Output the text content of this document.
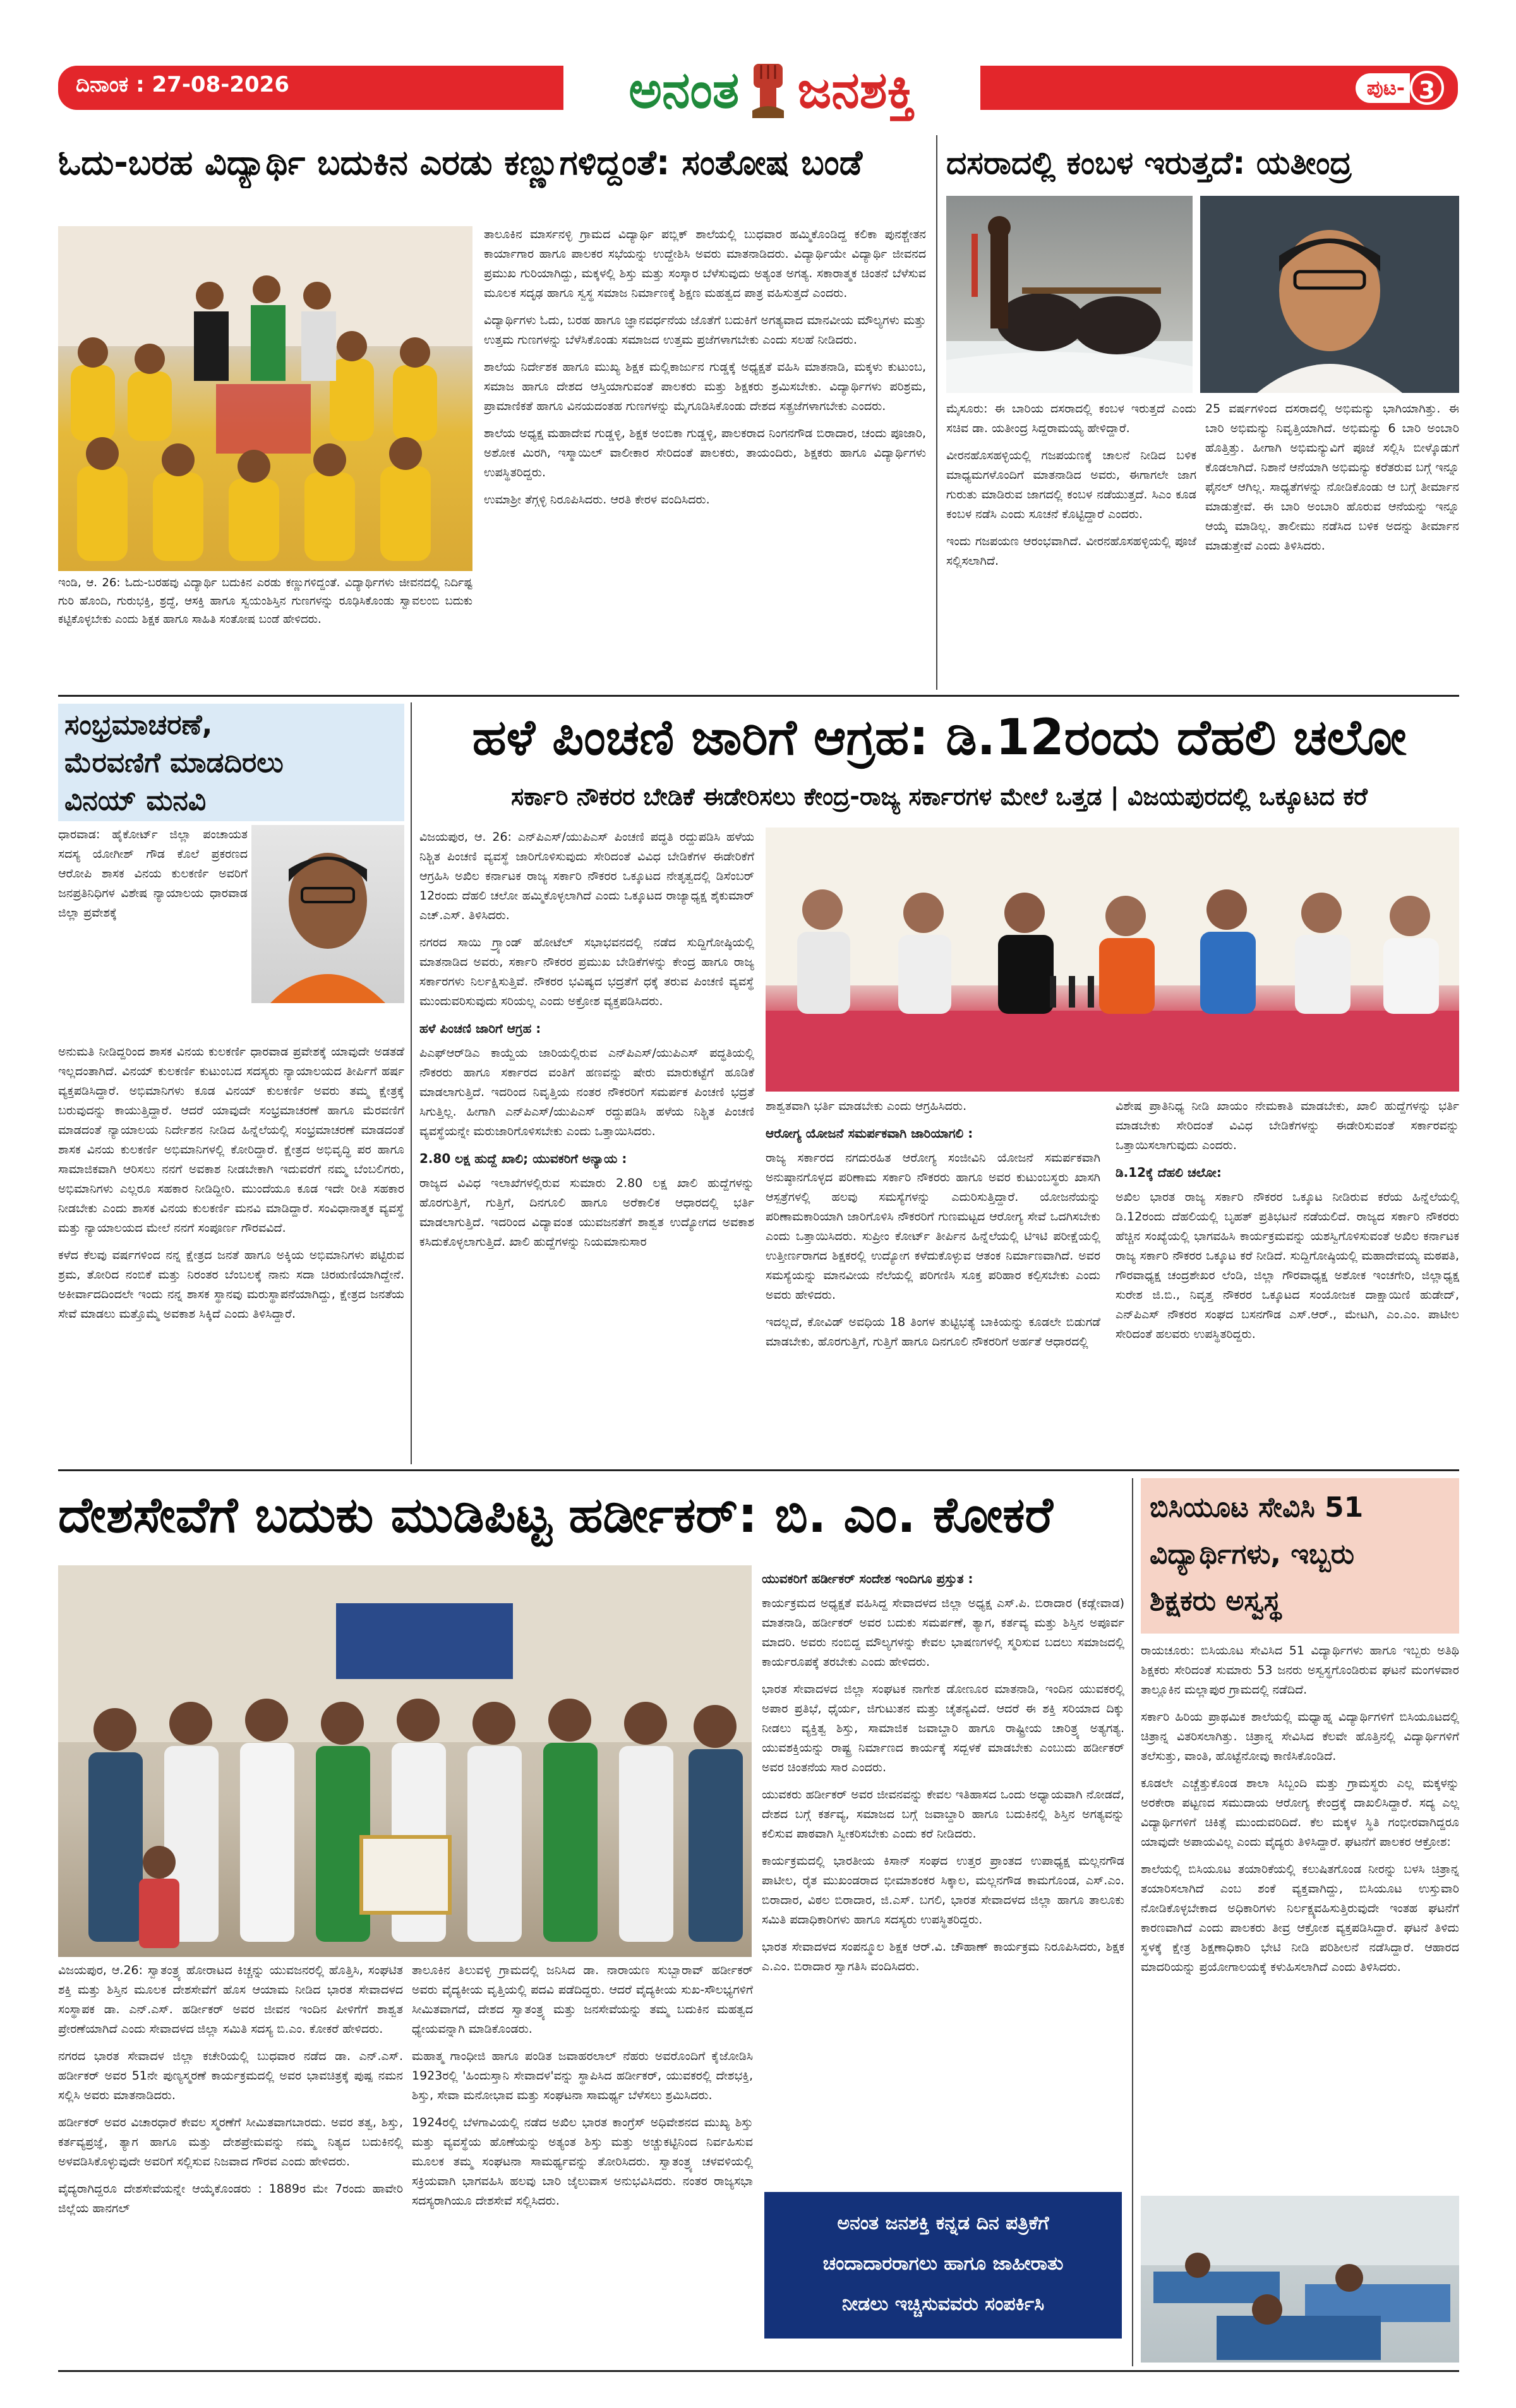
ದಿನಾಂಕ : 27-08-2026	ಅನಂತ ಜನಶಕ್ತಿ	ಪುಟ- 3
ಓದು-ಬರಹ ವಿದ್ಯಾರ್ಥಿ ಬದುಕಿನ ಎರಡು ಕಣ್ಣುಗಳಿದ್ದಂತೆ: ಸಂತೋಷ ಬಂಡೆ
ಇಂಡಿ, ಆ. 26: ಓದು-ಬರಹವು ವಿದ್ಯಾರ್ಥಿ ಬದುಕಿನ ಎರಡು ಕಣ್ಣುಗಳಿದ್ದಂತೆ. ವಿದ್ಯಾರ್ಥಿಗಳು ಜೀವನದಲ್ಲಿ ನಿರ್ದಿಷ್ಟ ಗುರಿ ಹೊಂದಿ, ಗುರುಭಕ್ತಿ, ಶ್ರದ್ಧೆ, ಆಸಕ್ತಿ ಹಾಗೂ ಸ್ವಯಂಶಿಸ್ತಿನ ಗುಣಗಳನ್ನು ರೂಢಿಸಿಕೊಂಡು ಸ್ವಾವಲಂಬಿ ಬದುಕು ಕಟ್ಟಿಕೊಳ್ಳಬೇಕು ಎಂದು ಶಿಕ್ಷಕ ಹಾಗೂ ಸಾಹಿತಿ ಸಂತೋಷ ಬಂಡೆ ಹೇಳಿದರು.

ತಾಲೂಕಿನ ಮಾರ್ಸನಳ್ಳಿ ಗ್ರಾಮದ ವಿದ್ಯಾರ್ಥಿ ಪಬ್ಲಿಕ್ ಶಾಲೆಯಲ್ಲಿ ಬುಧವಾರ ಹಮ್ಮಿಕೊಂಡಿದ್ದ ಕಲಿಕಾ ಪುನಶ್ಚೇತನ ಕಾರ್ಯಾಗಾರ ಹಾಗೂ ಪಾಲಕರ ಸಭೆಯನ್ನು ಉದ್ದೇಶಿಸಿ ಅವರು ಮಾತನಾಡಿದರು. ವಿದ್ಯಾರ್ಥಿಯೇ ವಿದ್ಯಾರ್ಥಿ ಜೀವನದ ಪ್ರಮುಖ ಗುರಿಯಾಗಿದ್ದು, ಮಕ್ಕಳಲ್ಲಿ ಶಿಸ್ತು ಮತ್ತು ಸಂಸ್ಕಾರ ಬೆಳೆಸುವುದು ಅತ್ಯಂತ ಅಗತ್ಯ. ಸಕಾರಾತ್ಮಕ ಚಿಂತನೆ ಬೆಳೆಸುವ ಮೂಲಕ ಸದೃಢ ಹಾಗೂ ಸ್ವಸ್ಥ ಸಮಾಜ ನಿರ್ಮಾಣಕ್ಕೆ ಶಿಕ್ಷಣ ಮಹತ್ವದ ಪಾತ್ರ ವಹಿಸುತ್ತದೆ ಎಂದರು.

ವಿದ್ಯಾರ್ಥಿಗಳು ಓದು, ಬರಹ ಹಾಗೂ ಜ್ಞಾನವರ್ಧನೆಯ ಜೊತೆಗೆ ಬದುಕಿಗೆ ಅಗತ್ಯವಾದ ಮಾನವೀಯ ಮೌಲ್ಯಗಳು ಮತ್ತು ಉತ್ತಮ ಗುಣಗಳನ್ನು ಬೆಳೆಸಿಕೊಂಡು ಸಮಾಜದ ಉತ್ತಮ ಪ್ರಜೆಗಳಾಗಬೇಕು ಎಂದು ಸಲಹೆ ನೀಡಿದರು.

ಶಾಲೆಯ ನಿರ್ದೇಶಕ ಹಾಗೂ ಮುಖ್ಯ ಶಿಕ್ಷಕ ಮಲ್ಲಿಕಾರ್ಜುನ ಗುಡ್ಡಕ್ಕೆ ಅಧ್ಯಕ್ಷತೆ ವಹಿಸಿ ಮಾತನಾಡಿ, ಮಕ್ಕಳು ಕುಟುಂಬ, ಸಮಾಜ ಹಾಗೂ ದೇಶದ ಆಸ್ತಿಯಾಗುವಂತೆ ಪಾಲಕರು ಮತ್ತು ಶಿಕ್ಷಕರು ಶ್ರಮಿಸಬೇಕು. ವಿದ್ಯಾರ್ಥಿಗಳು ಪರಿಶ್ರಮ, ಪ್ರಾಮಾಣಿಕತೆ ಹಾಗೂ ವಿನಯದಂತಹ ಗುಣಗಳನ್ನು ಮೈಗೂಡಿಸಿಕೊಂಡು ದೇಶದ ಸತ್ಪ್ರಜೆಗಳಾಗಬೇಕು ಎಂದರು.

ಶಾಲೆಯ ಅಧ್ಯಕ್ಷ ಮಹಾದೇವ ಗುಡ್ಡಳ್ಳಿ, ಶಿಕ್ಷಕ ಅಂಬಿಕಾ ಗುಡ್ಡಳ್ಳಿ, ಪಾಲಕರಾದ ನಿಂಗನಗೌಡ ಬಿರಾದಾರ, ಚಂದು ಪೂಜಾರಿ, ಅಶೋಕ ಮಿರಗಿ, ಇಸ್ಮಾಯಿಲ್ ವಾಲೀಕಾರ ಸೇರಿದಂತೆ ಪಾಲಕರು, ತಾಯಂದಿರು, ಶಿಕ್ಷಕರು ಹಾಗೂ ವಿದ್ಯಾರ್ಥಿಗಳು ಉಪಸ್ಥಿತರಿದ್ದರು.

ಉಮಾಶ್ರೀ ತೆಗ್ಗಳ್ಳಿ ನಿರೂಪಿಸಿದರು. ಆರತಿ ಕೇರಳ ವಂದಿಸಿದರು.

ದಸರಾದಲ್ಲಿ ಕಂಬಳ ಇರುತ್ತದೆ: ಯತೀಂದ್ರ

ಮೈಸೂರು: ಈ ಬಾರಿಯ ದಸರಾದಲ್ಲಿ ಕಂಬಳ ಇರುತ್ತದೆ ಎಂದು ಸಚಿವ ಡಾ. ಯತೀಂದ್ರ ಸಿದ್ದರಾಮಯ್ಯ ಹೇಳಿದ್ದಾರೆ.

ವೀರನಹೊಸಹಳ್ಳಿಯಲ್ಲಿ ಗಜಪಯಣಕ್ಕೆ ಚಾಲನೆ ನೀಡಿದ ಬಳಿಕ ಮಾಧ್ಯಮಗಳೊಂದಿಗೆ ಮಾತನಾಡಿದ ಅವರು, ಈಗಾಗಲೇ ಜಾಗ ಗುರುತು ಮಾಡಿರುವ ಜಾಗದಲ್ಲಿ ಕಂಬಳ ನಡೆಯುತ್ತದೆ. ಸಿಎಂ ಕೂಡ ಕಂಬಳ ನಡೆಸಿ ಎಂದು ಸೂಚನೆ ಕೊಟ್ಟಿದ್ದಾರೆ ಎಂದರು.

ಇಂದು ಗಜಪಯಣ ಆರಂಭವಾಗಿದೆ. ವೀರನಹೊಸಹಳ್ಳಿಯಲ್ಲಿ ಪೂಜೆ ಸಲ್ಲಿಸಲಾಗಿದೆ.

25 ವರ್ಷಗಳಿಂದ ದಸರಾದಲ್ಲಿ ಅಭಿಮನ್ಯು ಭಾಗಿಯಾಗಿತ್ತು. ಈ ಬಾರಿ ಅಭಿಮನ್ಯು ನಿವೃತ್ತಿಯಾಗಿದೆ. ಅಭಿಮನ್ಯು 6 ಬಾರಿ ಅಂಬಾರಿ ಹೊತ್ತಿತ್ತು. ಹೀಗಾಗಿ ಅಭಿಮನ್ಯುವಿಗೆ ಪೂಜೆ ಸಲ್ಲಿಸಿ ಬೀಳ್ಕೊಡುಗೆ ಕೊಡಲಾಗಿದೆ. ನಿಶಾನೆ ಆನೆಯಾಗಿ ಅಭಿಮನ್ಯು ಕರೆತರುವ ಬಗ್ಗೆ ಇನ್ನೂ ಫೈನಲ್ ಆಗಿಲ್ಲ. ಸಾಧ್ಯತೆಗಳನ್ನು ನೋಡಿಕೊಂಡು ಆ ಬಗ್ಗೆ ತೀರ್ಮಾನ ಮಾಡುತ್ತೇವೆ. ಈ ಬಾರಿ ಅಂಬಾರಿ ಹೊರುವ ಆನೆಯನ್ನು ಇನ್ನೂ ಆಯ್ಕೆ ಮಾಡಿಲ್ಲ. ತಾಲೀಮು ನಡೆಸಿದ ಬಳಿಕ ಅದನ್ನು ತೀರ್ಮಾನ ಮಾಡುತ್ತೇವೆ ಎಂದು ತಿಳಿಸಿದರು.

ಸಂಭ್ರಮಾಚರಣೆ,
ಮೆರವಣಿಗೆ ಮಾಡದಿರಲು
ವಿನಯ್ ಮನವಿ

ಧಾರವಾಡ: ಹೈಕೋರ್ಟ್ ಜಿಲ್ಲಾ ಪಂಚಾಯತ ಸದಸ್ಯ ಯೋಗೀಶ್ ಗೌಡ ಕೊಲೆ ಪ್ರಕರಣದ ಆರೋಪಿ ಶಾಸಕ ವಿನಯ ಕುಲಕರ್ಣಿ ಅವರಿಗೆ ಜನಪ್ರತಿನಿಧಿಗಳ ವಿಶೇಷ ನ್ಯಾಯಾಲಯ ಧಾರವಾಡ ಜಿಲ್ಲಾ ಪ್ರವೇಶಕ್ಕೆ

ಅನುಮತಿ ನೀಡಿದ್ದರಿಂದ ಶಾಸಕ ವಿನಯ ಕುಲಕರ್ಣಿ ಧಾರವಾಡ ಪ್ರವೇಶಕ್ಕೆ ಯಾವುದೇ ಅಡತಡೆ ಇಲ್ಲದಂತಾಗಿದೆ. ವಿನಯ್ ಕುಲಕರ್ಣಿ ಕುಟುಂಬದ ಸದಸ್ಯರು ನ್ಯಾಯಾಲಯದ ತೀರ್ಪಿಗೆ ಹರ್ಷ ವ್ಯಕ್ತಪಡಿಸಿದ್ದಾರೆ. ಅಭಿಮಾನಿಗಳು ಕೂಡ ವಿನಯ್ ಕುಲಕರ್ಣಿ ಅವರು ತಮ್ಮ ಕ್ಷೇತ್ರಕ್ಕೆ ಬರುವುದನ್ನು ಕಾಯುತ್ತಿದ್ದಾರೆ. ಆದರೆ ಯಾವುದೇ ಸಂಭ್ರಮಾಚರಣೆ ಹಾಗೂ ಮೆರವಣಿಗೆ ಮಾಡದಂತೆ ನ್ಯಾಯಾಲಯ ನಿರ್ದೇಶನ ನೀಡಿದ ಹಿನ್ನೆಲೆಯಲ್ಲಿ ಸಂಭ್ರಮಾಚರಣೆ ಮಾಡದಂತೆ ಶಾಸಕ ವಿನಯ ಕುಲಕರ್ಣಿ ಅಭಿಮಾನಿಗಳಲ್ಲಿ ಕೋರಿದ್ದಾರೆ. ಕ್ಷೇತ್ರದ ಅಭಿವೃದ್ಧಿ ಪರ ಹಾಗೂ ಸಾಮಾಜಿಕವಾಗಿ ಆರಿಸಲು ನನಗೆ ಅವಕಾಶ ನೀಡಬೇಕಾಗಿ ಇದುವರೆಗೆ ನಮ್ಮ ಬೆಂಬಲಿಗರು, ಅಭಿಮಾನಿಗಳು ಎಲ್ಲರೂ ಸಹಕಾರ ನೀಡಿದ್ದೀರಿ. ಮುಂದೆಯೂ ಕೂಡ ಇದೇ ರೀತಿ ಸಹಕಾರ ನೀಡಬೇಕು ಎಂದು ಶಾಸಕ ವಿನಯ ಕುಲಕರ್ಣಿ ಮನವಿ ಮಾಡಿದ್ದಾರೆ. ಸಂವಿಧಾನಾತ್ಮಕ ವ್ಯವಸ್ಥೆ ಮತ್ತು ನ್ಯಾಯಾಲಯದ ಮೇಲೆ ನನಗೆ ಸಂಪೂರ್ಣ ಗೌರವವಿದೆ.

ಕಳೆದ ಕೆಲವು ವರ್ಷಗಳಿಂದ ನನ್ನ ಕ್ಷೇತ್ರದ ಜನತೆ ಹಾಗೂ ಅಕ್ಕಿಯ ಅಭಿಮಾನಿಗಳು ಪಟ್ಟಿರುವ ಶ್ರಮ, ತೋರಿದ ನಂಬಿಕೆ ಮತ್ತು ನಿರಂತರ ಬೆಂಬಲಕ್ಕೆ ನಾನು ಸದಾ ಚಿರಋಣಿಯಾಗಿದ್ದೇನೆ. ಅಕೀರ್ವಾದದಿಂದಲೇ ಇಂದು ನನ್ನ ಶಾಸಕ ಸ್ಥಾನವು ಮರುಸ್ಥಾಪನೆಯಾಗಿದ್ದು, ಕ್ಷೇತ್ರದ ಜನತೆಯ ಸೇವೆ ಮಾಡಲು ಮತ್ತೊಮ್ಮೆ ಅವಕಾಶ ಸಿಕ್ಕಿದೆ ಎಂದು ತಿಳಿಸಿದ್ದಾರೆ.

ಹಳೆ ಪಿಂಚಣಿ ಜಾರಿಗೆ ಆಗ್ರಹ: ಡಿ.12ರಂದು ದೆಹಲಿ ಚಲೋ
ಸರ್ಕಾರಿ ನೌಕರರ ಬೇಡಿಕೆ ಈಡೇರಿಸಲು ಕೇಂದ್ರ-ರಾಜ್ಯ ಸರ್ಕಾರಗಳ ಮೇಲೆ ಒತ್ತಡ | ವಿಜಯಪುರದಲ್ಲಿ ಒಕ್ಕೂಟದ ಕರೆ

ವಿಜಯಪುರ, ಆ. 26: ಎನ್‌ಪಿಎಸ್/ಯುಪಿಎಸ್ ಪಿಂಚಣಿ ಪದ್ಧತಿ ರದ್ದುಪಡಿಸಿ ಹಳೆಯ ನಿಶ್ಚಿತ ಪಿಂಚಣಿ ವ್ಯವಸ್ಥೆ ಜಾರಿಗೊಳಿಸುವುದು ಸೇರಿದಂತೆ ವಿವಿಧ ಬೇಡಿಕೆಗಳ ಈಡೇರಿಕೆಗೆ ಆಗ್ರಹಿಸಿ ಅಖಿಲ ಕರ್ನಾಟಕ ರಾಜ್ಯ ಸರ್ಕಾರಿ ನೌಕರರ ಒಕ್ಕೂಟದ ನೇತೃತ್ವದಲ್ಲಿ ಡಿಸೆಂಬರ್ 12ರಂದು ದೆಹಲಿ ಚಲೋ ಹಮ್ಮಿಕೊಳ್ಳಲಾಗಿದೆ ಎಂದು ಒಕ್ಕೂಟದ ರಾಜ್ಯಾಧ್ಯಕ್ಷ ಶೈಕುಮಾರ್ ಎಚ್.ಎಸ್. ತಿಳಿಸಿದರು.

ನಗರದ ಸಾಯಿ ಗ್ರ್ಯಾಂಡ್ ಹೋಟೆಲ್ ಸಭಾಭವನದಲ್ಲಿ ನಡೆದ ಸುದ್ದಿಗೋಷ್ಠಿಯಲ್ಲಿ ಮಾತನಾಡಿದ ಅವರು, ಸರ್ಕಾರಿ ನೌಕರರ ಪ್ರಮುಖ ಬೇಡಿಕೆಗಳನ್ನು ಕೇಂದ್ರ ಹಾಗೂ ರಾಜ್ಯ ಸರ್ಕಾರಗಳು ನಿರ್ಲಕ್ಷಿಸುತ್ತಿವೆ. ನೌಕರರ ಭವಿಷ್ಯದ ಭದ್ರತೆಗೆ ಧಕ್ಕೆ ತರುವ ಪಿಂಚಣಿ ವ್ಯವಸ್ಥೆ ಮುಂದುವರಿಸುವುದು ಸರಿಯಲ್ಲ ಎಂದು ಅಕ್ರೋಶ ವ್ಯಕ್ತಪಡಿಸಿದರು.

ಹಳೆ ಪಿಂಚಣಿ ಜಾರಿಗೆ ಆಗ್ರಹ :

ಪಿಎಫ್‌ಆರ್‌ಡಿಎ ಕಾಯ್ದೆಯ ಜಾರಿಯಲ್ಲಿರುವ ಎನ್‌ಪಿಎಸ್/ಯುಪಿಎಸ್ ಪದ್ಧತಿಯಲ್ಲಿ ನೌಕರರು ಹಾಗೂ ಸರ್ಕಾರದ ವಂತಿಗೆ ಹಣವನ್ನು ಷೇರು ಮಾರುಕಟ್ಟೆಗೆ ಹೂಡಿಕೆ ಮಾಡಲಾಗುತ್ತಿದೆ. ಇದರಿಂದ ನಿವೃತ್ತಿಯ ನಂತರ ನೌಕರರಿಗೆ ಸಮರ್ಪಕ ಪಿಂಚಣಿ ಭದ್ರತೆ ಸಿಗುತ್ತಿಲ್ಲ. ಹೀಗಾಗಿ ಎನ್‌ಪಿಎಸ್/ಯುಪಿಎಸ್ ರದ್ದುಪಡಿಸಿ ಹಳೆಯ ನಿಶ್ಚಿತ ಪಿಂಚಣಿ ವ್ಯವಸ್ಥೆಯನ್ನೇ ಮರುಜಾರಿಗೊಳಿಸಬೇಕು ಎಂದು ಒತ್ತಾಯಿಸಿದರು.

2.80 ಲಕ್ಷ ಹುದ್ದೆ ಖಾಲಿ; ಯುವಕರಿಗೆ ಅನ್ಯಾಯ :

ರಾಜ್ಯದ ವಿವಿಧ ಇಲಾಖೆಗಳಲ್ಲಿರುವ ಸುಮಾರು 2.80 ಲಕ್ಷ ಖಾಲಿ ಹುದ್ದೆಗಳನ್ನು ಹೊರಗುತ್ತಿಗೆ, ಗುತ್ತಿಗೆ, ದಿನಗೂಲಿ ಹಾಗೂ ಅರೆಕಾಲಿಕ ಆಧಾರದಲ್ಲಿ ಭರ್ತಿ ಮಾಡಲಾಗುತ್ತಿದೆ. ಇದರಿಂದ ವಿದ್ಯಾವಂತ ಯುವಜನತೆಗೆ ಶಾಶ್ವತ ಉದ್ಯೋಗದ ಅವಕಾಶ ಕಸಿದುಕೊಳ್ಳಲಾಗುತ್ತಿದೆ. ಖಾಲಿ ಹುದ್ದೆಗಳನ್ನು ನಿಯಮಾನುಸಾರ

ಶಾಶ್ವತವಾಗಿ ಭರ್ತಿ ಮಾಡಬೇಕು ಎಂದು ಆಗ್ರಹಿಸಿದರು.

ಆರೋಗ್ಯ ಯೋಜನೆ ಸಮರ್ಪಕವಾಗಿ ಜಾರಿಯಾಗಲಿ :

ರಾಜ್ಯ ಸರ್ಕಾರದ ನಗದುರಹಿತ ಆರೋಗ್ಯ ಸಂಜೀವಿನಿ ಯೋಜನೆ ಸಮರ್ಪಕವಾಗಿ ಅನುಷ್ಠಾನಗೊಳ್ಳದ ಪರಿಣಾಮ ಸರ್ಕಾರಿ ನೌಕರರು ಹಾಗೂ ಅವರ ಕುಟುಂಬಸ್ಥರು ಖಾಸಗಿ ಆಸ್ಪತ್ರೆಗಳಲ್ಲಿ ಹಲವು ಸಮಸ್ಯೆಗಳನ್ನು ಎದುರಿಸುತ್ತಿದ್ದಾರೆ. ಯೋಜನೆಯನ್ನು ಪರಿಣಾಮಕಾರಿಯಾಗಿ ಜಾರಿಗೊಳಿಸಿ ನೌಕರರಿಗೆ ಗುಣಮಟ್ಟದ ಆರೋಗ್ಯ ಸೇವೆ ಒದಗಿಸಬೇಕು ಎಂದು ಒತ್ತಾಯಿಸಿದರು. ಸುಪ್ರೀಂ ಕೋರ್ಟ್ ತೀರ್ಪಿನ ಹಿನ್ನೆಲೆಯಲ್ಲಿ ಟಿಇಟಿ ಪರೀಕ್ಷೆಯಲ್ಲಿ ಉತ್ತೀರ್ಣರಾಗದ ಶಿಕ್ಷಕರಲ್ಲಿ ಉದ್ಯೋಗ ಕಳೆದುಕೊಳ್ಳುವ ಆತಂಕ ನಿರ್ಮಾಣವಾಗಿದೆ. ಅವರ ಸಮಸ್ಯೆಯನ್ನು ಮಾನವೀಯ ನೆಲೆಯಲ್ಲಿ ಪರಿಗಣಿಸಿ ಸೂಕ್ತ ಪರಿಹಾರ ಕಲ್ಪಿಸಬೇಕು ಎಂದು ಅವರು ಹೇಳಿದರು.

ಇದಲ್ಲದೆ, ಕೋವಿಡ್ ಅವಧಿಯ 18 ತಿಂಗಳ ತುಟ್ಟಿಭತ್ಯೆ ಬಾಕಿಯನ್ನು ಕೂಡಲೇ ಬಿಡುಗಡೆ ಮಾಡಬೇಕು, ಹೊರಗುತ್ತಿಗೆ, ಗುತ್ತಿಗೆ ಹಾಗೂ ದಿನಗೂಲಿ ನೌಕರರಿಗೆ ಅರ್ಹತೆ ಆಧಾರದಲ್ಲಿ

ವಿಶೇಷ ಪ್ರಾತಿನಿಧ್ಯ ನೀಡಿ ಖಾಯಂ ನೇಮಕಾತಿ ಮಾಡಬೇಕು, ಖಾಲಿ ಹುದ್ದೆಗಳನ್ನು ಭರ್ತಿ ಮಾಡಬೇಕು ಸೇರಿದಂತೆ ವಿವಿಧ ಬೇಡಿಕೆಗಳನ್ನು ಈಡೇರಿಸುವಂತೆ ಸರ್ಕಾರವನ್ನು ಒತ್ತಾಯಿಸಲಾಗುವುದು ಎಂದರು.

ಡಿ.12ಕ್ಕೆ ದೆಹಲಿ ಚಲೋ:

ಅಖಿಲ ಭಾರತ ರಾಜ್ಯ ಸರ್ಕಾರಿ ನೌಕರರ ಒಕ್ಕೂಟ ನೀಡಿರುವ ಕರೆಯ ಹಿನ್ನೆಲೆಯಲ್ಲಿ ಡಿ.12ರಂದು ದೆಹಲಿಯಲ್ಲಿ ಬೃಹತ್ ಪ್ರತಿಭಟನೆ ನಡೆಯಲಿದೆ. ರಾಜ್ಯದ ಸರ್ಕಾರಿ ನೌಕರರು ಹೆಚ್ಚಿನ ಸಂಖ್ಯೆಯಲ್ಲಿ ಭಾಗವಹಿಸಿ ಕಾರ್ಯಕ್ರಮವನ್ನು ಯಶಸ್ವಿಗೊಳಿಸುವಂತೆ ಅಖಿಲ ಕರ್ನಾಟಕ ರಾಜ್ಯ ಸರ್ಕಾರಿ ನೌಕರರ ಒಕ್ಕೂಟ ಕರೆ ನೀಡಿದೆ. ಸುದ್ದಿಗೋಷ್ಠಿಯಲ್ಲಿ ಮಹಾದೇವಯ್ಯ ಮಠಪತಿ, ಗೌರವಾಧ್ಯಕ್ಷ ಚಂದ್ರಶೇಖರ ಲೆಂಡಿ, ಜಿಲ್ಲಾ ಗೌರವಾಧ್ಯಕ್ಷ ಅಶೋಕ ಇಂಚಗೇರಿ, ಜಿಲ್ಲಾಧ್ಯಕ್ಷ ಸುರೇಶ ಜಿ.ಬಿ., ನಿವೃತ್ತ ನೌಕರರ ಒಕ್ಕೂಟದ ಸಂಯೋಜಕ ದಾಕ್ಷಾಯಿಣಿ ಹುಡೇದ್, ಎನ್‌ಪಿಎಸ್ ನೌಕರರ ಸಂಘದ ಬಸನಗೌಡ ಎಸ್.ಆರ್., ಮೇಟಗಿ, ಎಂ.ಎಂ. ಪಾಟೀಲ ಸೇರಿದಂತೆ ಹಲವರು ಉಪಸ್ಥಿತರಿದ್ದರು.

ದೇಶಸೇವೆಗೆ ಬದುಕು ಮುಡಿಪಿಟ್ಟ ಹರ್ಡೀಕರ್: ಬಿ. ಎಂ. ಕೋಕರೆ

ವಿಜಯಪುರ, ಆ.26: ಸ್ವಾತಂತ್ರ್ಯ ಹೋರಾಟದ ಕಿಚ್ಚನ್ನು ಯುವಜನರಲ್ಲಿ ಹೊತ್ತಿಸಿ, ಸಂಘಟಿತ ಶಕ್ತಿ ಮತ್ತು ಶಿಸ್ತಿನ ಮೂಲಕ ದೇಶಸೇವೆಗೆ ಹೊಸ ಆಯಾಮ ನೀಡಿದ ಭಾರತ ಸೇವಾದಳದ ಸಂಸ್ಥಾಪಕ ಡಾ. ಎನ್.ಎಸ್. ಹರ್ಡೀಕರ್ ಅವರ ಜೀವನ ಇಂದಿನ ಪೀಳಿಗೆಗೆ ಶಾಶ್ವತ ಪ್ರೇರಣೆಯಾಗಿದೆ ಎಂದು ಸೇವಾದಳದ ಜಿಲ್ಲಾ ಸಮಿತಿ ಸದಸ್ಯ ಬಿ.ಎಂ. ಕೋಕರೆ ಹೇಳಿದರು.

ನಗರದ ಭಾರತ ಸೇವಾದಳ ಜಿಲ್ಲಾ ಕಚೇರಿಯಲ್ಲಿ ಬುಧವಾರ ನಡೆದ ಡಾ. ಎನ್.ಎಸ್. ಹರ್ಡೀಕರ್ ಅವರ 51ನೇ ಪುಣ್ಯಸ್ಮರಣೆ ಕಾರ್ಯಕ್ರಮದಲ್ಲಿ ಅವರ ಭಾವಚಿತ್ರಕ್ಕೆ ಪುಷ್ಪ ನಮನ ಸಲ್ಲಿಸಿ ಅವರು ಮಾತನಾಡಿದರು.

ಹರ್ಡೀಕರ್ ಅವರ ವಿಚಾರಧಾರೆ ಕೇವಲ ಸ್ಮರಣೆಗೆ ಸೀಮಿತವಾಗಬಾರದು. ಅವರ ತತ್ವ, ಶಿಸ್ತು, ಕರ್ತವ್ಯಪ್ರಜ್ಞೆ, ತ್ಯಾಗ ಹಾಗೂ ಮತ್ತು ದೇಶಪ್ರೇಮವನ್ನು ನಮ್ಮ ನಿತ್ಯದ ಬದುಕಿನಲ್ಲಿ ಅಳವಡಿಸಿಕೊಳ್ಳುವುದೇ ಅವರಿಗೆ ಸಲ್ಲಿಸುವ ನಿಜವಾದ ಗೌರವ ಎಂದು ಹೇಳಿದರು.

ವೈದ್ಯರಾಗಿದ್ದರೂ ದೇಶಸೇವೆಯನ್ನೇ ಆಯ್ಕೆಕೊಂಡರು : 1889ರ ಮೇ 7ರಂದು ಹಾವೇರಿ ಜಿಲ್ಲೆಯ ಹಾನಗಲ್

ತಾಲೂಕಿನ ತಿಲುವಳ್ಳಿ ಗ್ರಾಮದಲ್ಲಿ ಜನಿಸಿದ ಡಾ. ನಾರಾಯಣ ಸುಬ್ಬಾರಾವ್ ಹರ್ಡೀಕರ್ ಅವರು ವೈದ್ಯಕೀಯ ವೃತ್ತಿಯಲ್ಲಿ ಪದವಿ ಪಡೆದಿದ್ದರು. ಆದರೆ ವೈದ್ಯಕೀಯ ಸುಖ-ಸೌಲಭ್ಯಗಳಿಗೆ ಸೀಮಿತವಾಗದೆ, ದೇಶದ ಸ್ವಾತಂತ್ರ್ಯ ಮತ್ತು ಜನಸೇವೆಯನ್ನು ತಮ್ಮ ಬದುಕಿನ ಮಹತ್ವದ ಧ್ಯೇಯವನ್ನಾಗಿ ಮಾಡಿಕೊಂಡರು.

ಮಹಾತ್ಮ ಗಾಂಧೀಜಿ ಹಾಗೂ ಪಂಡಿತ ಜವಾಹರಲಾಲ್ ನೆಹರು ಅವರೊಂದಿಗೆ ಕೈಜೋಡಿಸಿ 1923ರಲ್ಲಿ 'ಹಿಂದುಸ್ತಾನಿ ಸೇವಾದಳ'ವನ್ನು ಸ್ಥಾಪಿಸಿದ ಹರ್ಡೀಕರ್, ಯುವಕರಲ್ಲಿ ದೇಶಭಕ್ತಿ, ಶಿಸ್ತು, ಸೇವಾ ಮನೋಭಾವ ಮತ್ತು ಸಂಘಟನಾ ಸಾಮರ್ಥ್ಯ ಬೆಳೆಸಲು ಶ್ರಮಿಸಿದರು.

1924ರಲ್ಲಿ ಬೆಳಗಾವಿಯಲ್ಲಿ ನಡೆದ ಅಖಿಲ ಭಾರತ ಕಾಂಗ್ರೆಸ್ ಅಧಿವೇಶನದ ಮುಖ್ಯ ಶಿಸ್ತು ಮತ್ತು ವ್ಯವಸ್ಥೆಯ ಹೊಣೆಯನ್ನು ಅತ್ಯಂತ ಶಿಸ್ತು ಮತ್ತು ಅಚ್ಚುಕಟ್ಟಿನಿಂದ ನಿರ್ವಹಿಸುವ ಮೂಲಕ ತಮ್ಮ ಸಂಘಟನಾ ಸಾಮರ್ಥ್ಯವನ್ನು ತೋರಿಸಿದರು. ಸ್ವಾತಂತ್ರ್ಯ ಚಳವಳಿಯಲ್ಲಿ ಸಕ್ರಿಯವಾಗಿ ಭಾಗವಹಿಸಿ ಹಲವು ಬಾರಿ ಜೈಲುವಾಸ ಅನುಭವಿಸಿದರು. ನಂತರ ರಾಜ್ಯಸಭಾ ಸದಸ್ಯರಾಗಿಯೂ ದೇಶಸೇವೆ ಸಲ್ಲಿಸಿದರು.

ಯುವಕರಿಗೆ ಹರ್ಡೀಕರ್ ಸಂದೇಶ ಇಂದಿಗೂ ಪ್ರಸ್ತುತ :

ಕಾರ್ಯಕ್ರಮದ ಅಧ್ಯಕ್ಷತೆ ವಹಿಸಿದ್ದ ಸೇವಾದಳದ ಜಿಲ್ಲಾ ಅಧ್ಯಕ್ಷ ಎಸ್.ಪಿ. ಬಿರಾದಾರ (ಕಡ್ಲೇವಾಡ) ಮಾತನಾಡಿ, ಹರ್ಡೀಕರ್ ಅವರ ಬದುಕು ಸಮರ್ಪಣೆ, ತ್ಯಾಗ, ಕರ್ತವ್ಯ ಮತ್ತು ಶಿಸ್ತಿನ ಅಪೂರ್ವ ಮಾದರಿ. ಅವರು ನಂಬಿದ್ದ ಮೌಲ್ಯಗಳನ್ನು ಕೇವಲ ಭಾಷಣಗಳಲ್ಲಿ ಸ್ಮರಿಸುವ ಬದಲು ಸಮಾಜದಲ್ಲಿ ಕಾರ್ಯರೂಪಕ್ಕೆ ತರಬೇಕು ಎಂದು ಹೇಳಿದರು.

ಭಾರತ ಸೇವಾದಳದ ಜಿಲ್ಲಾ ಸಂಘಟಕ ನಾಗೇಶ ಡೋಣೂರ ಮಾತನಾಡಿ, ಇಂದಿನ ಯುವಕರಲ್ಲಿ ಅಪಾರ ಪ್ರತಿಭೆ, ಧೈರ್ಯ, ಜಿಗುಟುತನ ಮತ್ತು ಚೈತನ್ಯವಿದೆ. ಆದರೆ ಈ ಶಕ್ತಿ ಸರಿಯಾದ ದಿಕ್ಕು ನೀಡಲು ವ್ಯಕ್ತಿತ್ವ ಶಿಸ್ತು, ಸಾಮಾಜಿಕ ಜವಾಬ್ದಾರಿ ಹಾಗೂ ರಾಷ್ಟ್ರೀಯ ಚಾರಿತ್ರ್ಯ ಅತ್ಯಗತ್ಯ. ಯುವಶಕ್ತಿಯನ್ನು ರಾಷ್ಟ್ರ ನಿರ್ಮಾಣದ ಕಾರ್ಯಕ್ಕೆ ಸದ್ಬಳಕೆ ಮಾಡಬೇಕು ಎಂಬುದು ಹರ್ಡೀಕರ್ ಅವರ ಚಿಂತನೆಯ ಸಾರ ಎಂದರು.

ಯುವಕರು ಹರ್ಡೀಕರ್ ಅವರ ಜೀವನವನ್ನು ಕೇವಲ ಇತಿಹಾಸದ ಒಂದು ಅಧ್ಯಾಯವಾಗಿ ನೋಡದೆ, ದೇಶದ ಬಗ್ಗೆ ಕರ್ತವ್ಯ, ಸಮಾಜದ ಬಗ್ಗೆ ಜವಾಬ್ದಾರಿ ಹಾಗೂ ಬದುಕಿನಲ್ಲಿ ಶಿಸ್ತಿನ ಅಗತ್ಯವನ್ನು ಕಲಿಸುವ ಪಾಠವಾಗಿ ಸ್ವೀಕರಿಸಬೇಕು ಎಂದು ಕರೆ ನೀಡಿದರು.

ಕಾರ್ಯಕ್ರಮದಲ್ಲಿ ಭಾರತೀಯ ಕಿಸಾನ್ ಸಂಘದ ಉತ್ತರ ಪ್ರಾಂತದ ಉಪಾಧ್ಯಕ್ಷ ಮಲ್ಲನಗೌಡ ಪಾಟೀಲ, ರೈತ ಮುಖಂಡರಾದ ಭೀಮಾಶಂಕರ ಸಿಕ್ಕಾಲ, ಮಲ್ಲನಗೌಡ ಕಾಮಗೊಂಡ, ಎಸ್.ಎಂ. ಬಿರಾದಾರ, ವಿಠಲ ಬಿರಾದಾರ, ಜಿ.ಎಸ್. ಬಗಲಿ, ಭಾರತ ಸೇವಾದಳದ ಜಿಲ್ಲಾ ಹಾಗೂ ತಾಲೂಕು ಸಮಿತಿ ಪದಾಧಿಕಾರಿಗಳು ಹಾಗೂ ಸದಸ್ಯರು ಉಪಸ್ಥಿತರಿದ್ದರು.

ಭಾರತ ಸೇವಾದಳದ ಸಂಪನ್ಮೂಲ ಶಿಕ್ಷಕ ಆರ್.ವಿ. ಚೌಹಾಣ್ ಕಾರ್ಯಕ್ರಮ ನಿರೂಪಿಸಿದರು, ಶಿಕ್ಷಕ ಎ.ಎಂ. ಬಿರಾದಾರ ಸ್ವಾಗತಿಸಿ ವಂದಿಸಿದರು.

ಅನಂತ ಜನಶಕ್ತಿ ಕನ್ನಡ ದಿನ ಪತ್ರಿಕೆಗೆ
ಚಂದಾದಾರರಾಗಲು ಹಾಗೂ ಜಾಹೀರಾತು
ನೀಡಲು ಇಚ್ಚಿಸುವವರು ಸಂಪರ್ಕಿಸಿ
ಬಿಸಿಯೂಟ ಸೇವಿಸಿ 51
ವಿದ್ಯಾರ್ಥಿಗಳು, ಇಬ್ಬರು
ಶಿಕ್ಷಕರು ಅಸ್ವಸ್ಥ

ರಾಯಚೂರು: ಬಿಸಿಯೂಟ ಸೇವಿಸಿದ 51 ವಿದ್ಯಾರ್ಥಿಗಳು ಹಾಗೂ ಇಬ್ಬರು ಅತಿಥಿ ಶಿಕ್ಷಕರು ಸೇರಿದಂತೆ ಸುಮಾರು 53 ಜನರು ಅಸ್ವಸ್ಥಗೊಂಡಿರುವ ಘಟನೆ ಮಂಗಳವಾರ ತಾಲ್ಲೂಕಿನ ಮಲ್ಲಾಪುರ ಗ್ರಾಮದಲ್ಲಿ ನಡೆದಿದೆ.

ಸರ್ಕಾರಿ ಹಿರಿಯ ಪ್ರಾಥಮಿಕ ಶಾಲೆಯಲ್ಲಿ ಮಧ್ಯಾಹ್ನ ವಿದ್ಯಾರ್ಥಿಗಳಿಗೆ ಬಿಸಿಯೂಟದಲ್ಲಿ ಚಿತ್ರಾನ್ನ ವಿತರಿಸಲಾಗಿತ್ತು. ಚಿತ್ರಾನ್ನ ಸೇವಿಸಿದ ಕೆಲವೇ ಹೊತ್ತಿನಲ್ಲಿ ವಿದ್ಯಾರ್ಥಿಗಳಿಗೆ ತಲೆಸುತ್ತು, ವಾಂತಿ, ಹೊಟ್ಟೆನೋವು ಕಾಣಿಸಿಕೊಂಡಿದೆ.

ಕೂಡಲೇ ಎಚ್ಚೆತ್ತುಕೊಂಡ ಶಾಲಾ ಸಿಬ್ಬಂದಿ ಮತ್ತು ಗ್ರಾಮಸ್ಥರು ಎಲ್ಲ ಮಕ್ಕಳನ್ನು ಅರಕೇರಾ ಪಟ್ಟಣದ ಸಮುದಾಯ ಆರೋಗ್ಯ ಕೇಂದ್ರಕ್ಕೆ ದಾಖಲಿಸಿದ್ದಾರೆ. ಸದ್ಯ ಎಲ್ಲ ವಿದ್ಯಾರ್ಥಿಗಳಿಗೆ ಚಿಕಿತ್ಸೆ ಮುಂದುವರಿದಿದೆ. ಕೆಲ ಮಕ್ಕಳ ಸ್ಥಿತಿ ಗಂಭೀರವಾಗಿದ್ದರೂ ಯಾವುದೇ ಅಪಾಯವಿಲ್ಲ ಎಂದು ವೈದ್ಯರು ತಿಳಿಸಿದ್ದಾರೆ. ಘಟನೆಗೆ ಪಾಲಕರ ಆಕ್ರೋಶ:

ಶಾಲೆಯಲ್ಲಿ ಬಿಸಿಯೂಟ ತಯಾರಿಕೆಯಲ್ಲಿ ಕಲುಷಿತಗೊಂಡ ನೀರನ್ನು ಬಳಸಿ ಚಿತ್ರಾನ್ನ ತಯಾರಿಸಲಾಗಿದೆ ಎಂಬ ಶಂಕೆ ವ್ಯಕ್ತವಾಗಿದ್ದು, ಬಿಸಿಯೂಟ ಉಸ್ತುವಾರಿ ನೋಡಿಕೊಳ್ಳಬೇಕಾದ ಅಧಿಕಾರಿಗಳು ನಿರ್ಲಕ್ಷ್ಯವಹಿಸುತ್ತಿರುವುದೇ ಇಂತಹ ಘಟನೆಗೆ ಕಾರಣವಾಗಿದೆ ಎಂದು ಪಾಲಕರು ತೀವ್ರ ಆಕ್ರೋಶ ವ್ಯಕ್ತಪಡಿಸಿದ್ದಾರೆ. ಘಟನೆ ತಿಳಿದು ಸ್ಥಳಕ್ಕೆ ಕ್ಷೇತ್ರ ಶಿಕ್ಷಣಾಧಿಕಾರಿ ಭೇಟಿ ನೀಡಿ ಪರಿಶೀಲನೆ ನಡೆಸಿದ್ದಾರೆ. ಆಹಾರದ ಮಾದರಿಯನ್ನು ಪ್ರಯೋಗಾಲಯಕ್ಕೆ ಕಳುಹಿಸಲಾಗಿದೆ ಎಂದು ತಿಳಿಸಿದರು.
